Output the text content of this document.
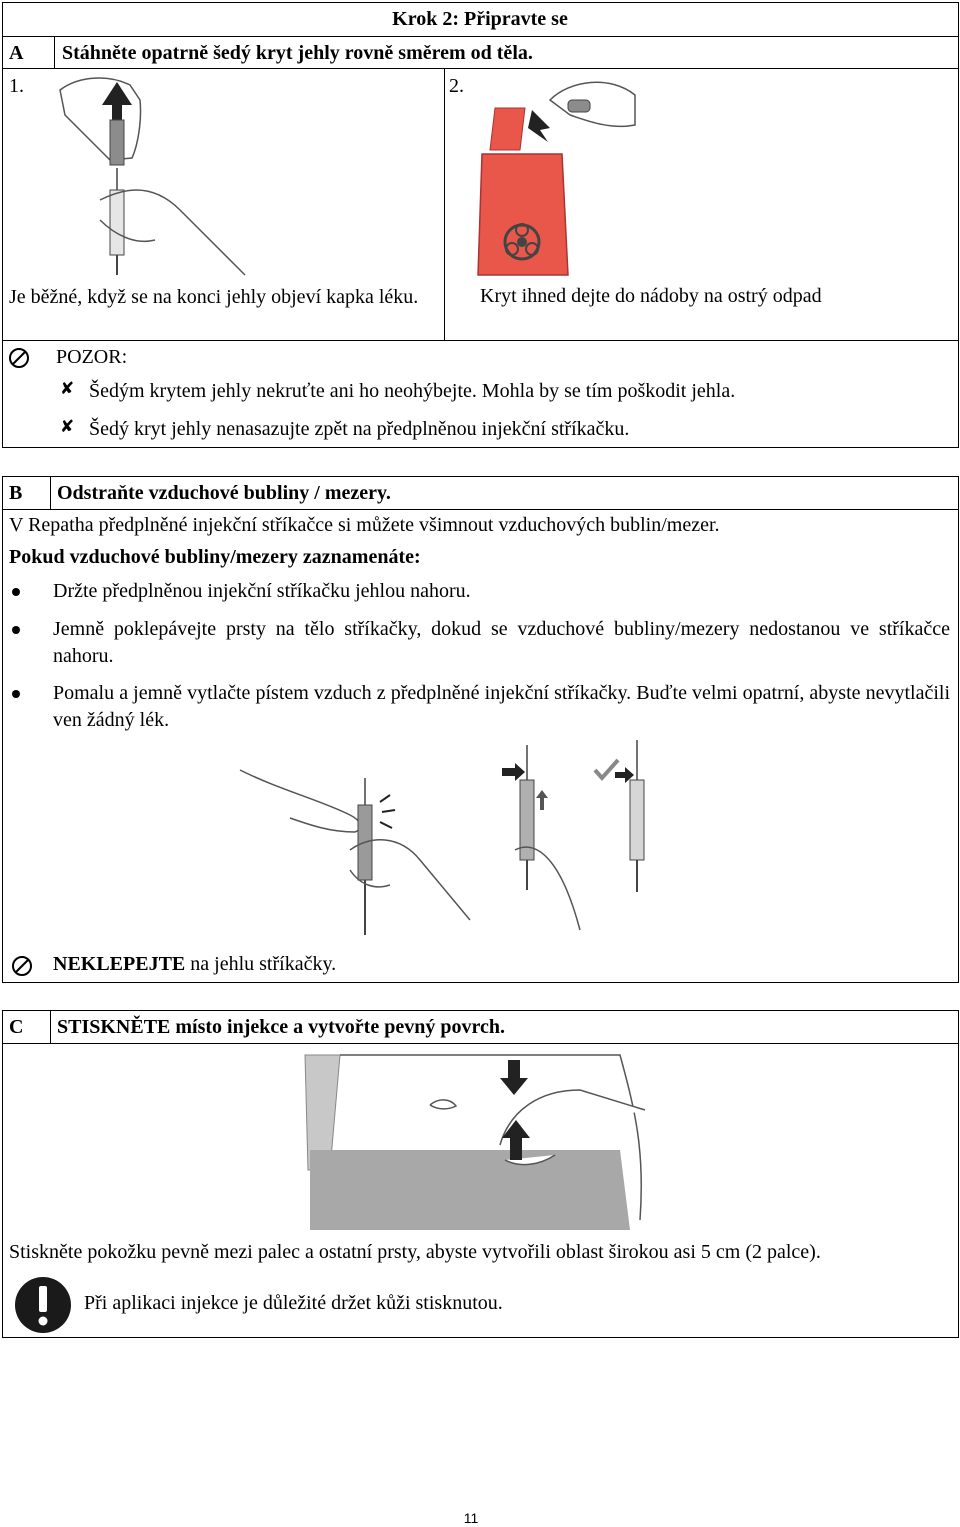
Krok 2: Připravte se
A Stáhněte opatrně šedý kryt jehly rovně směrem od těla.
1.	2.
Je běžné, když se na konci jehly objeví kapka léku.	Kryt ihned dejte do nádoby na ostrý odpad
POZOR:
✘ Šedým krytem jehly nekruťte ani ho neohýbejte. Mohla by se tím poškodit jehla.
✘ Šedý kryt jehly nenasazujte zpět na předplněnou injekční stříkačku.
B Odstraňte vzduchové bubliny / mezery.
V Repatha předplněné injekční stříkačce si můžete všimnout vzduchových bublin/mezer.
Pokud vzduchové bubliny/mezery zaznamenáte:
Držte předplněnou injekční stříkačku jehlou nahoru.
Jemně poklepávejte prsty na tělo stříkačky, dokud se vzduchové bubliny/mezery nedostanou ve stříkačce nahoru.
Pomalu a jemně vytlačte pístem vzduch z předplněné injekční stříkačky. Buďte velmi opatrní, abyste nevytlačili ven žádný lék.
NEKLEPEJTE na jehlu stříkačky.
C STISKNĚTE místo injekce a vytvořte pevný povrch.
Stiskněte pokožku pevně mezi palec a ostatní prsty, abyste vytvořili oblast širokou asi 5 cm (2 palce).
Při aplikaci injekce je důležité držet kůži stisknutou.
11
